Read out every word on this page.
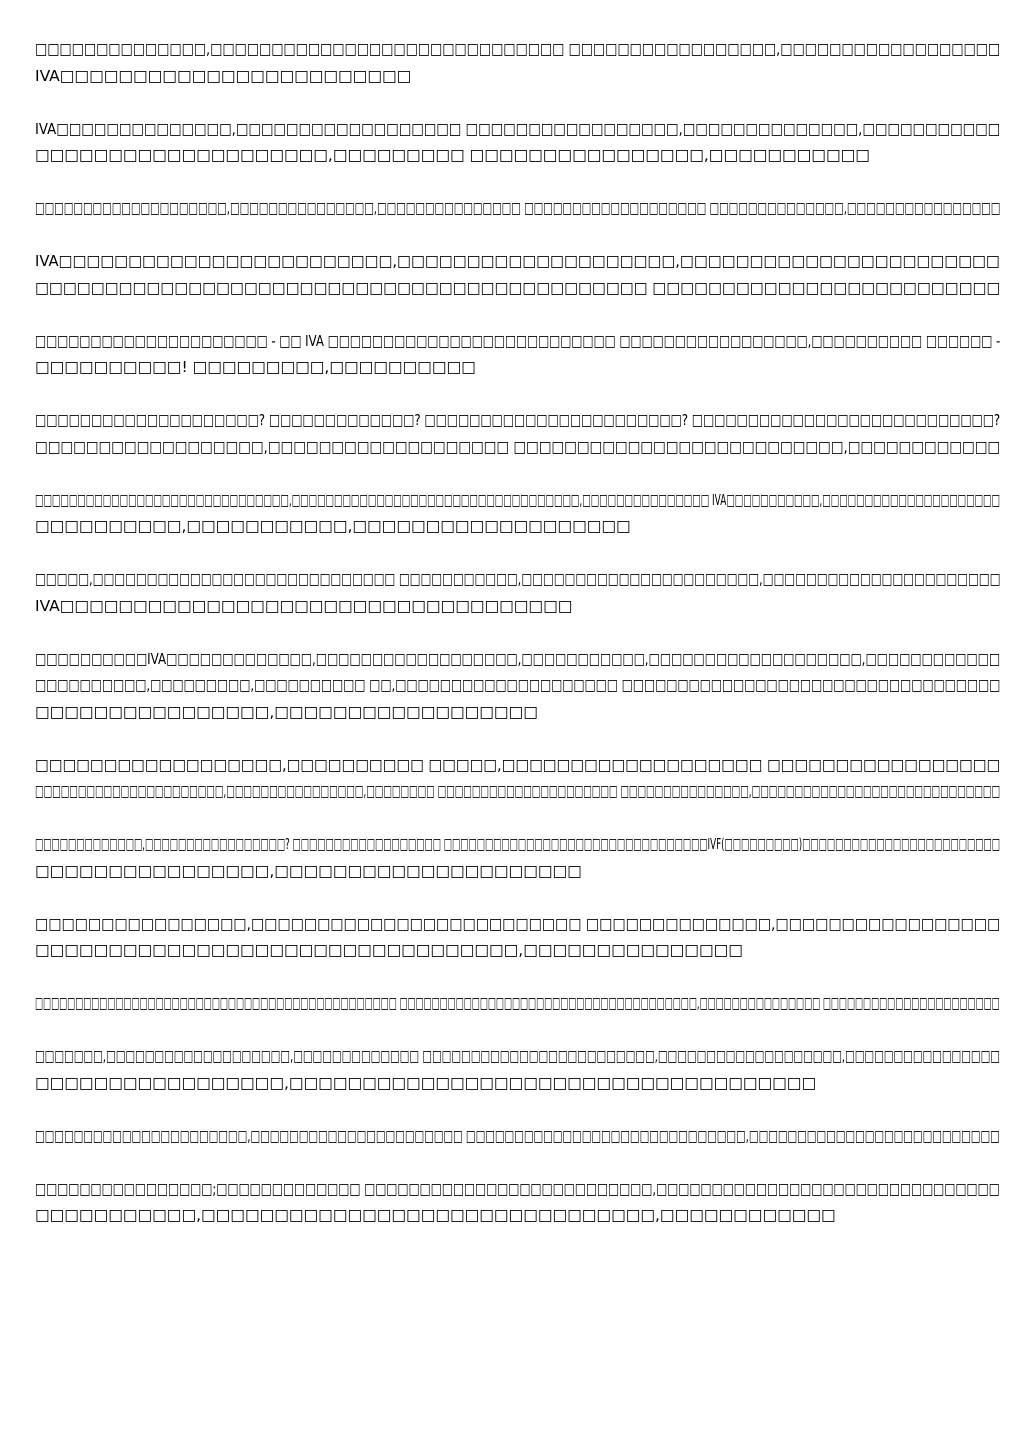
□□□□□□□□□□□□□□,□□□□□□□□□□□□□□□□□□□□□□□□□□□□□ □□□□□□□□□□□□□□□□□,□□□□□□□□□□□□□□□□□□
IVA□□□□□□□□□□□□□□□□□□□□□□□□

IVA□□□□□□□□□□□□□□,□□□□□□□□□□□□□□□□□□ □□□□□□□□□□□□□□□□□,□□□□□□□□□□□□□□,□□□□□□□□□□□
□□□□□□□□□□□□□□□□□□□□,□□□□□□□□□ □□□□□□□□□□□□□□□□,□□□□□□□□□□□

□□□□□□□□□□□□□□□□□□□□,□□□□□□□□□□□□□□□,□□□□□□□□□□□□□□□ □□□□□□□□□□□□□□□□□□□ □□□□□□□□□□□□□□,□□□□□□□□□□□□□□□□

IVA□□□□□□□□□□□□□□□□□□□□□□□□,□□□□□□□□□□□□□□□□□□□□,□□□□□□□□□□□□□□□□□□□□□□□
□□□□□□□□□□□□□□□□□□□□□□□□□□□□□□□□□□□□□□□□□□□□ □□□□□□□□□□□□□□□□□□□□□□□□□

□□□□□□□□□□□□□□□□□□□□□ - □□ IVA □□□□□□□□□□□□□□□□□□□□□□□□□□ □□□□□□□□□□□□□□□□□,□□□□□□□□□□ □□□□□□ -
□□□□□□□□□□! □□□□□□□□□,□□□□□□□□□□

□□□□□□□□□□□□□□□□□□□□? □□□□□□□□□□□□□? □□□□□□□□□□□□□□□□□□□□□□□? □□□□□□□□□□□□□□□□□□□□□□□□□□□?
□□□□□□□□□□□□□□□□□□,□□□□□□□□□□□□□□□□□□□ □□□□□□□□□□□□□□□□□□□□□□□□□□,□□□□□□□□□□□□

□□□□□□□□□□□□□□□□□□□□□□□□□□□□□□,□□□□□□□□□□□□□□□□□□□□□□□□□□□□□□□□□□,□□□□□□□□□□□□□□□ IVA□□□□□□□□□□□,□□□□□□□□□□□□□□□□□□□□□
□□□□□□□□□□,□□□□□□□□□□□,□□□□□□□□□□□□□□□□□□□

□□□□□,□□□□□□□□□□□□□□□□□□□□□□□□□□□□ □□□□□□□□□□□,□□□□□□□□□□□□□□□□□□□□□□,□□□□□□□□□□□□□□□□□□□□□□
IVA□□□□□□□□□□□□□□□□□□□□□□□□□□□□□□□□□□□

□□□□□□□□□□IVA□□□□□□□□□□□□□,□□□□□□□□□□□□□□□□□□,□□□□□□□□□□□,□□□□□□□□□□□□□□□□□□□,□□□□□□□□□□□□
□□□□□□□□□□,□□□□□□□□□,□□□□□□□□□□ □□,□□□□□□□□□□□□□□□□□□□□ □□□□□□□□□□□□□□□□□□□□□□□□□□□□□□□□□□
□□□□□□□□□□□□□□□□,□□□□□□□□□□□□□□□□□□

□□□□□□□□□□□□□□□□□□,□□□□□□□□□□ □□□□□,□□□□□□□□□□□□□□□□□□□ □□□□□□□□□□□□□□□□□
□□□□□□□□□□□□□□□□□□□□□□,□□□□□□□□□□□□□□□□,□□□□□□□□ □□□□□□□□□□□□□□□□□□□□□ □□□□□□□□□□□□□□□,□□□□□□□□□□□□□□□□□□□□□□□□□□□□□

□□□□□□□□□□□□□,□□□□□□□□□□□□□□□□□? □□□□□□□□□□□□□□□□□□ □□□□□□□□□□□□□□□□□□□□□□□□□□□□□□□□IVF(□□□□□□□□□)□□□□□□□□□□□□□□□□□□□□□□□□
□□□□□□□□□□□□□□□□,□□□□□□□□□□□□□□□□□□□□□

□□□□□□□□□□□□□□□□,□□□□□□□□□□□□□□□□□□□□□□□□□ □□□□□□□□□□□□□□,□□□□□□□□□□□□□□□□□
□□□□□□□□□□□□□□□□□□□□□□□□□□□□□□□□□,□□□□□□□□□□□□□□□

□□□□□□□□□□□□□□□□□□□□□□□□□□□□□□□□□□□□□□□□□□□□□ □□□□□□□□□□□□□□□□□□□□□□□□□□□□□□□□□□□□□,□□□□□□□□□□□□□□□ □□□□□□□□□□□□□□□□□□□□□□

□□□□□□□,□□□□□□□□□□□□□□□□□□□,□□□□□□□□□□□□□ □□□□□□□□□□□□□□□□□□□□□□□□,□□□□□□□□□□□□□□□□□□□,□□□□□□□□□□□□□□□□
□□□□□□□□□□□□□□□□□,□□□□□□□□□□□□□□□□□□□□□□□□□□□□□□□□□□□□

□□□□□□□□□□□□□□□□□□□□□□,□□□□□□□□□□□□□□□□□□□□□□ □□□□□□□□□□□□□□□□□□□□□□□□□□□□□,□□□□□□□□□□□□□□□□□□□□□□□□□□

□□□□□□□□□□□□□□□□;□□□□□□□□□□□□□ □□□□□□□□□□□□□□□□□□□□□□□□□□,□□□□□□□□□□□□□□□□□□□□□□□□□□□□□□□
□□□□□□□□□□□,□□□□□□□□□□□□□□□□□□□□□□□□□□□□□□□,□□□□□□□□□□□□
